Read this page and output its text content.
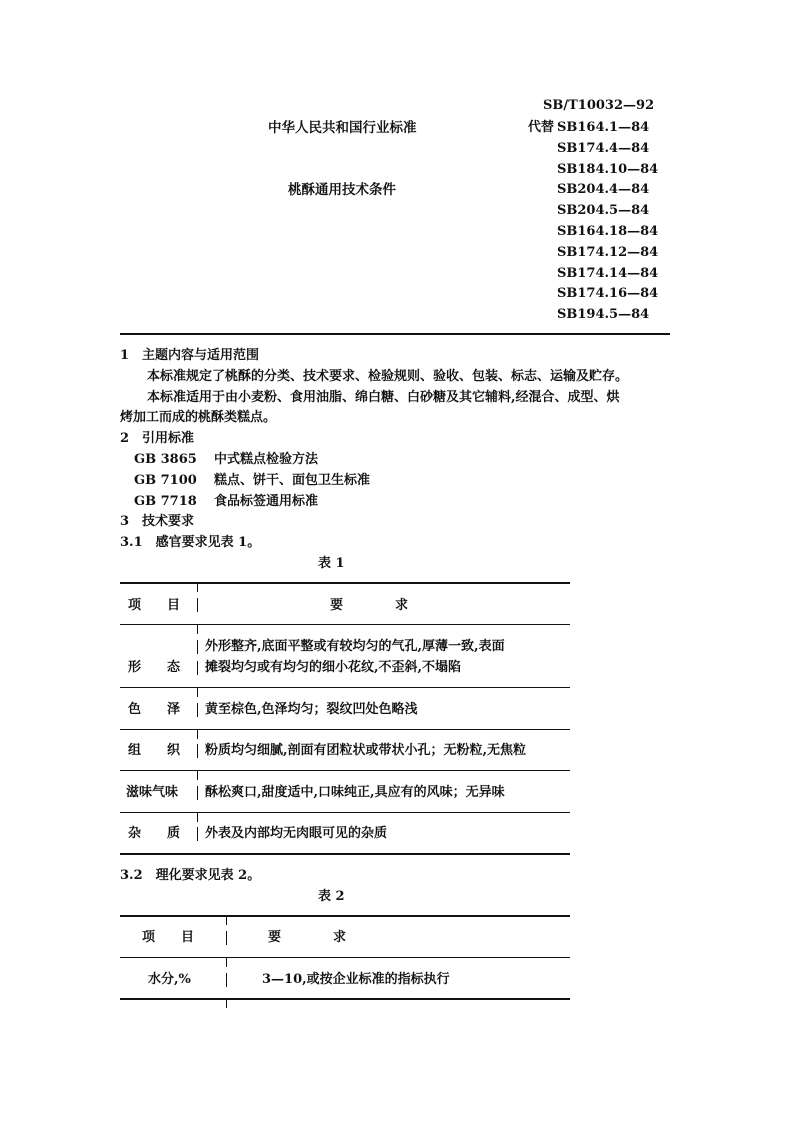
SB/T10032—92
中华人民共和国行业标准	代替 SB164.1—84
SB174.4—84
SB184.10—84
SB204.4—84
SB204.5—84
SB164.18—84
SB174.12—84
SB174.14—84
SB174.16—84
SB194.5—84
桃酥通用技术条件
1　主题内容与适用范围
本标准规定了桃酥的分类、技术要求、检验规则、验收、包装、标志、运输及贮存。
本标准适用于由小麦粉、食用油脂、绵白糖、白砂糖及其它辅料,经混合、成型、烘
烤加工而成的桃酥类糕点。
2　引用标准
GB 3865 中式糕点检验方法
GB 7100 糕点、饼干、面包卫生标准
GB 7718 食品标签通用标准
3　技术要求
3.1　感官要求见表 1。
表 1
项　　目	要　　　　求
形　　态
外形整齐,底面平整或有较均匀的气孔,厚薄一致,表面
摊裂均匀或有均匀的细小花纹,不歪斜,不塌陷
色　　泽 黄至棕色,色泽均匀；裂纹凹处色略浅
组　　织 粉质均匀细腻,剖面有团粒状或带状小孔；无粉粒,无焦粒
滋味气味 酥松爽口,甜度适中,口味纯正,具应有的风味；无异味
杂　　质 外表及内部均无肉眼可见的杂质
3.2　理化要求见表 2。
表 2
项　　目	要　　　　求
水分,%	3—10,或按企业标准的指标执行
